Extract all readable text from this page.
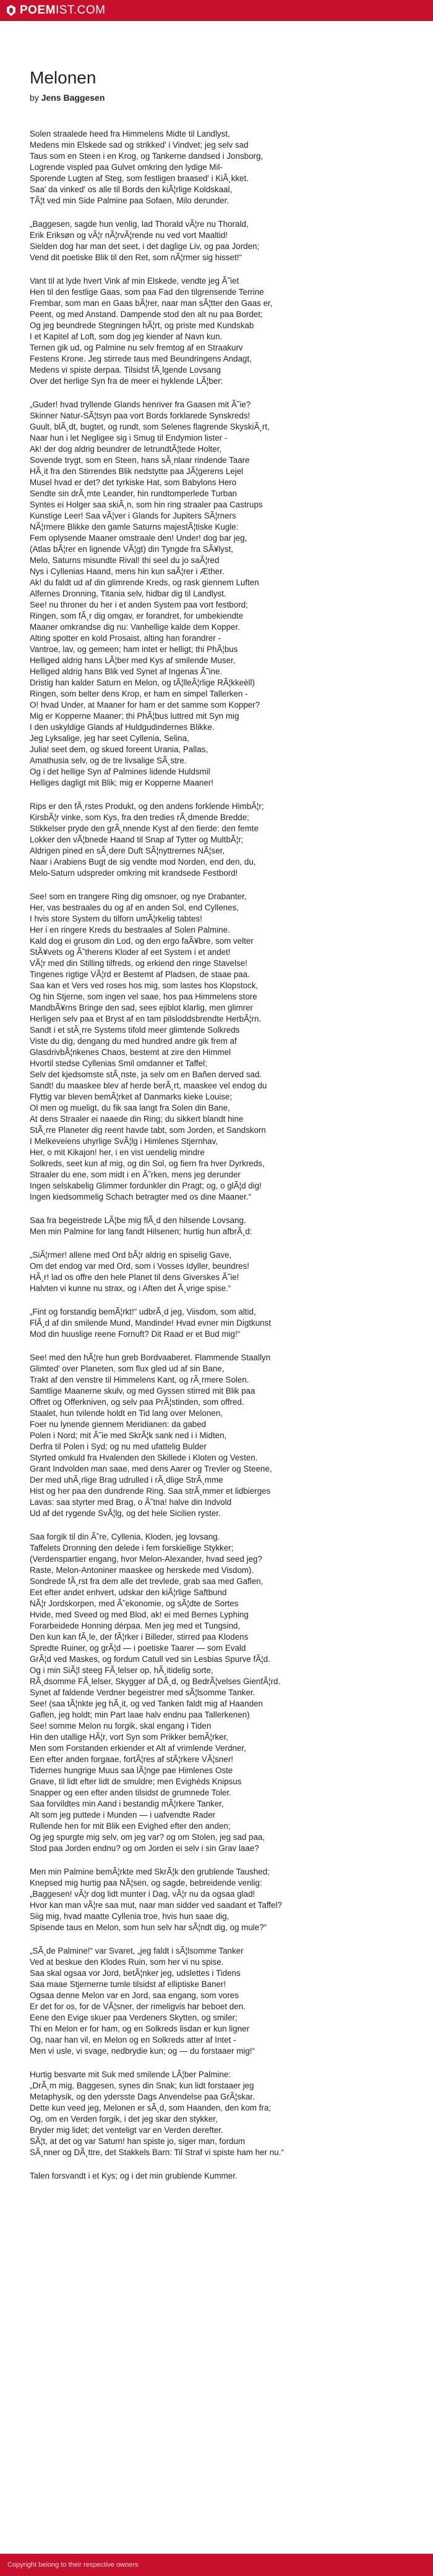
POEMIST.COM
Melonen
by Jens Baggesen
Solen straalede heed fra Himmelens Midte til Landlyst,
Medens min Elskede sad og strikked' i Vindvet; jeg selv sad
Taus som en Steen i en Krog, og Tankerne dandsed i Jonsborg,
Logrende vispled paa Gulvet omkring den lydige Mil-
Sporende Lugten af Steg, som festligen braased' i KiÃ¸kket.
Saa' da vinked' os alle til Bords den kiÃ¦rlige Koldskaal,
TÃ¦t ved min Side Palmine paa Sofaen, Milo derunder.
„Baggesen, sagde hun venlig, lad Thorald vÃ¦re nu Thorald,
Erik Eriksøn og vÃ¦r nÃ¦rvÃ¦rende nu ved vort Maaltid!
Sielden dog har man det seet, i det daglige Liv, og paa Jorden;
Vend dit poetiske Blik til den Ret, som nÃ¦rmer sig hisset!“
Vant til at lyde hvert Vink af min Elskede, vendte jeg Ã˜iet
Hen til den festlige Gaas, som paa Fad den tilgrensende Terrine
Frembar, som man en Gaas bÃ¦rer, naar man sÃ¦tter den Gaas er,
Peent, og med Anstand. Dampende stod den alt nu paa Bordet;
Og jeg beundrede Stegningen hÃ¦rt, og priste med Kundskab
I et Kapitel af Loft, som dog jeg kiender af Navn kun.
Ternen gik ud, og Palmine nu selv fremtog af en Straakurv
Festens Krone. Jeg stirrede taus med Beundringens Andagt,
Medens vi spiste derpaa. Tilsidst fÃ¸lgende Lovsang
Over det herlige Syn fra de meer ei hyklende LÃ¦ber:
„Guder! hvad tryllende Glands henriver fra Gaasen mit Ã˜ie?
Skinner Natur-SÃ¦tsyn paa vort Bords forklarede Synskreds!
Guult, blÃ¸dt, bugtet, og rundt, som Selenes flagrende SkyskiÃ¸rt,
Naar hun i let Negligee sig i Smug til Endymion lister -
Ak! der dog aldrig beundrer de letrundtÃ¦tede Holter,
Sovende trygt, som en Steen, hans sÃ¸nlaar rindende Taare
HÃ¸it fra den Stirrendes Blik nedstytte paa JÃ¦gerens Lejel
Musel hvad er det? det tyrkiske Hat, som Babylons Hero
Sendte sin drÃ¸mte Leander, hin rundtomperlede Turban
Syntes ei Holger saa skiÃ¸n, som hin ring straaler paa Castrups
Kunstige Leer! Saa vÃ¦ver i Glands for Jupiters SÃ¦rners
NÃ¦rmere Blikke den gamle Saturns majestÃ¦tiske Kugle:
Fem oplysende Maaner omstraale den! Under! dog bar jeg,
(Atlas bÃ¦rer en lignende VÃ¦gt) din Tyngde fra SÃ¥lyst,
Melo, Saturns misundte Rival! thi seel du jo saÃ¦red
Nys i Cyllenias Haand, mens hin kun saÃ¦rer i Æther.
Ak! du faldt ud af din glimrende Kreds, og rask giennem Luften
Alfernes Dronning, Titania selv, hidbar dig til Landlyst.
See! nu throner du her i et anden System paa vort festbord;
Ringen, som fÃ¸r dig omgav, er forandret, for umbekiendte
Maaner omkrandse dig nu: Vanhellige kalde dem Kopper.
Alting spotter en kold Prosaist, alting han forandrer -
Vantroe, lav, og gemeen; ham intet er helligt; thi PhÃ¦bus
Helliged aldrig hans LÃ¦ber med Kys af smilende Muser,
Helliged aldrig hans Blik ved Synet af Ingenas Ã˜ine.
Dristig han kalder Saturn en Melon, og tÃ¦lleÃ¦rlige RÃ¦kkeèll)
Ringen, som belter dens Krop, er ham en simpel Tallerken -
O! hvad Under, at Maaner for ham er det samme som Kopper?
Mig er Kopperne Maaner; thi PhÃ¦bus luttred mit Syn mig
I den uskyldige Glands af Huldgudindernes Blikke.
Jeg Lyksalige, jeg har seet Cyllenia, Selina,
Julia! seet dem, og skued foreent Urania, Pallas,
Amathusia selv, og de tre livsalige SÃ¸stre.
Og i det hellige Syn af Palmines lidende Huldsmil
Helliges dagligt mit Blik; mig er Kopperne Maaner!
Rips er den fÃ¸rstes Produkt, og den andens forklende HimbÃ¦r;
KirsbÃ¦r vinke, som Kys, fra den tredies rÃ¸dmende Bredde;
Stikkelser pryde den grÃ¸nnende Kyst af den fierde: den femte
Lokker den vÃ¦bnede Haand til Snap af Tytter og MultbÃ¦r;
Aldrigen pined en sÃ¸dere Duft SÃ¦nyttrernes NÃ¦ser,
Naar i Arabiens Bugt de sig vendte mod Norden, end den, du,
Melo-Saturn udspreder omkring mit krandsede Festbord!
See! som en trangere Ring dig omsnoer, og nye Drabanter,
Her, vas bestraales du og af en anden Sol, end Cyllenes,
I hvis store System du tilforn umÃ¦rkelig tabtes!
Her i en ringere Kreds du bestraales af Solen Palmine.
Kald dog ei grusom din Lod, og den ergo faÃ¥bre, som velter
StÃ¥vets og Ã˜therens Kloder af eet System i et andet!
VÃ¦r med din Stilling tilfreds, og erkiend den ringe Stavelse!
Tingenes rigtige VÃ¦rd er Bestemt af Pladsen, de staae paa.
Saa kan et Vers ved roses hos mig, som lastes hos Klopstock,
Og hin Stjerne, som ingen vel saae, hos paa Himmelens store
MandbÃ¥rns Bringe den sad, sees ejiblot klarlig, men glimrer
Herligen selv paa et Bryst af en tam pilsloddsbrendte HerbÃ¦rn.
Sandt i et stÃ¸rre Systems tifold meer glimtende Solkreds
Viste du dig, dengang du med hundred andre gik frem af
GlasdrivbÃ¦nkenes Chaos, bestemt at zire den Himmel
Hvortil stedse Cyllenias Smil omdanner et Taffel;
Selv det kjedsomste stÃ¸nste, ja selv om en Bañen derved sad.
Sandt! du maaskee blev af herde berÃ¸rt, maaskee vel endog du
Flyttig var bleven bemÃ¦rket af Danmarks kieke Louise;
Ol men og mueligt, du fik saa langt fra Solen din Bane,
At dens Straaler ei naaede din Ring; du sikkert blandt hine
StÃ¸rre Planeter dig reent havde tabt, som Jorden, et Sandskorn
I Melkeveiens uhyrlige SvÃ¦lg i Himlenes Stjernhav,
Her, o mit Kikajon! her, i en vist uendelig mindre
Solkreds, seet kun af mig, og din Sol, og fiern fra hver Dyrkreds,
Straaler du ene, som midt i en Ã˜rken, mens jeg derunder
Ingen selskabelig Glimmer fordunkler din Pragt; og, o glÃ¦d dig!
Ingen kiedsommelig Schach betragter med os dine Maaner.“
Saa fra begeistrede LÃ¦be mig flÃ¸d den hilsende Lovsang.
Men min Palmine for lang fandt Hilsenen; hurtig hun afbrÃ¸d:
„SiÃ¦rmer! allene med Ord bÃ¦r aldrig en spiselig Gave,
Om det endog var med Ord, som i Vosses Idyller, beundres!
HÃ¸r! lad os offre den hele Planet til dens Giverskes Ã˜ie!
Halvten vi kunne nu strax, og i Aften det Ã¸vrige spise.“
„Fint og forstandig bemÃ¦rkt!“ udbrÃ¸d jeg, Viisdom, som altid,
FlÃ¸d af din smilende Mund, Mandinde! Hvad evner min Digtkunst
Mod din huuslige reene Fornuft? Dit Raad er et Bud mig!“
See! med den hÃ¦re hun greb Bordvaaberet. Flammende Staallyn
Glimted' over Planeten, som flux gled ud af sin Bane,
Trakt af den venstre til Himmelens Kant, og rÃ¸rmere Solen.
Samtlige Maanerne skulv, og med Gyssen stirred mit Blik paa
Offret og Offerkniven, og selv paa PrÃ¦stinden, som offred.
Staalet, hun tvilende holdt en Tid lang over Melonen,
Foer nu lynende giennem Meridianen: da gabed
Polen i Nord; mit Ã˜ie med SkrÃ¦k sank ned i i Midten,
Derfra til Polen i Syd; og nu med ufattelig Bulder
Styrted omkuld fra Hvalenden den Skillede i Kloten og Vesten.
Grant Indvolden man saae, med dens Aarer og Trevler og Steene,
Der med uhÃ¸rlige Brag udrulled i rÃ¸dlige StrÃ¸mme
Hist og her paa den dundrende Ring. Saa strÃ¸mmer et lidbierges
Lavas: saa styrter med Brag, o Ã˜tna! halve din Indvold
Ud af det rygende SvÃ¦lg, og det hele Sicilien ryster.
Saa forgik til din Ã˜re, Cyllenia, Kloden, jeg lovsang.
Taffelets Dronning den delede i fem forskiellige Stykker;
(Verdenspartier engang, hvor Melon-Alexander, hvad seed jeg?
Raste, Melon-Antoniner maaskee og herskede med Visdom).
Sondrede fÃ¸rst fra dem alle det trevlede, grab saa med Gaflen,
Eet efter andet enhvert, udskar den kiÃ¦rlige Saftbund
NÃ¦r Jordskorpen, med Ã˜ekonomie, og sÃ¦dte de Sortes
Hvide, med Sveed og med Blod, ak! ei med Bernes Lyphing
Forarbeidede Honning dérpaa. Men jeg med et Tungsind,
Den kun kan fÃ¸le, der fÃ¦rker i Billeder, stirred paa Klodens
Spredte Ruiner, og grÃ¦d — i poetiske Taarer — som Evald
GrÃ¦d ved Maskes, og fordum Catull ved sin Lesbias Spurve fÃ¦d.
Og i min SiÃ¦l steeg FÃ¸lelser op, hÃ¸itidelig sorte,
RÃ¸dsomme FÃ¸lelser, Skygger af DÃ¸d, og BedrÃ¦velses GienfÃ¦rd.
Synet af faldende Verdner begeistrer med sÃ¦lsomme Tanker.
See! (saa tÃ¦nkte jeg hÃ¸it, og ved Tanken faldt mig af Haanden
Gaflen, jeg holdt; min Part laae halv endnu paa Tallerkenen)
See! somme Melon nu forgik, skal engang i Tiden
Hin den utallige HÃ¦r, vort Syn som Prikker bemÃ¦rker,
Men som Forstanden erkiender et Alt af vrimlende Verdner,
Een efter anden forgaae, fortÃ¦res af stÃ¦rkere VÃ¦sner!
Tidernes hungrige Muus saa lÃ¦nge pae Himlenes Oste
Gnave, til lidt efter lidt de smuldre; men Evighèds Knipsus
Snapper og een efter anden tilsidst de grumnede Toler.
Saa forvildtes min Aand i bestandig mÃ¦rkere Tanker,
Alt som jeg puttede i Munden — i uafvendte Rader
Rullende hen for mit Blik een Evighed efter den anden;
Og jeg spurgte mig selv, om jeg var? og om Stolen, jeg sad paa,
Stod paa Jorden endnu? og om Jorden ei selv i sin Grav laae?
Men min Palmine bemÃ¦rkte med SkrÃ¦k den grublende Taushed;
Knepsed mig hurtig paa NÃ¦sen, og sagde, bebreidende venlig:
„Baggesen! vÃ¦r dog lidt munter i Dag, vÃ¦r nu da ogsaa glad!
Hvor kan man vÃ¦re saa mut, naar man sidder ved saadant et Taffel?
Siig mig, hvad maatte Cyllenia troe, hvis hun saae dig,
Spisende taus en Melon, som hun selv har sÃ¦ndt dig, og mule?“
„SÃ¸de Palmine!“ var Svaret, „jeg faldt i sÃ¦lsomme Tanker
Ved at beskue den Klodes Ruin, som her vi nu spise.
Saa skal ogsaa vor Jord, betÃ¦nker jeg, udslettes i Tidens
Saa maae Stjernerne tumle tilsidst af elliptiske Baner!
Ogsaa denne Melon var en Jord, saa engang, som vores
Er det for os, for de VÃ¦sner, der rimeligvis har beboet den.
Eene den Evige skuer paa Verdeners Skytten, og smiler;
Thi en Melon er for ham, og en Solkreds lisdan er kun ligner
Og, naar han vil, en Melon og en Solkreds atter af Intet -
Men vi usle, vi svage, nedbrydie kun; og — du forstaaer mig!“
Hurtig besvarte mit Suk med smilende LÃ¦ber Palmine:
„DrÃ¸m mig, Baggesen, synes din Snak; kun lidt forstaaer jeg
Metaphysik, og den ydersste Dags Anvendelse paa GrÃ¦skar.
Dette kun veed jeg, Melonen er sÃ¸d, som Haanden, den kom fra;
Og, om en Verden forgik, i det jeg skar den stykker,
Bryder mig lidet; det venteligt var en Verden derefter.
SÃ¦t, at det og var Saturn! han spiste jo, siger man, fordum
SÃ¸nner og DÃ¸ttre, det Stakkels Barn: Til Straf vi spiste ham her nu.“
Talen forsvandt i et Kys; og i det min grublende Kummer.
Copyright belong to their respective owners
